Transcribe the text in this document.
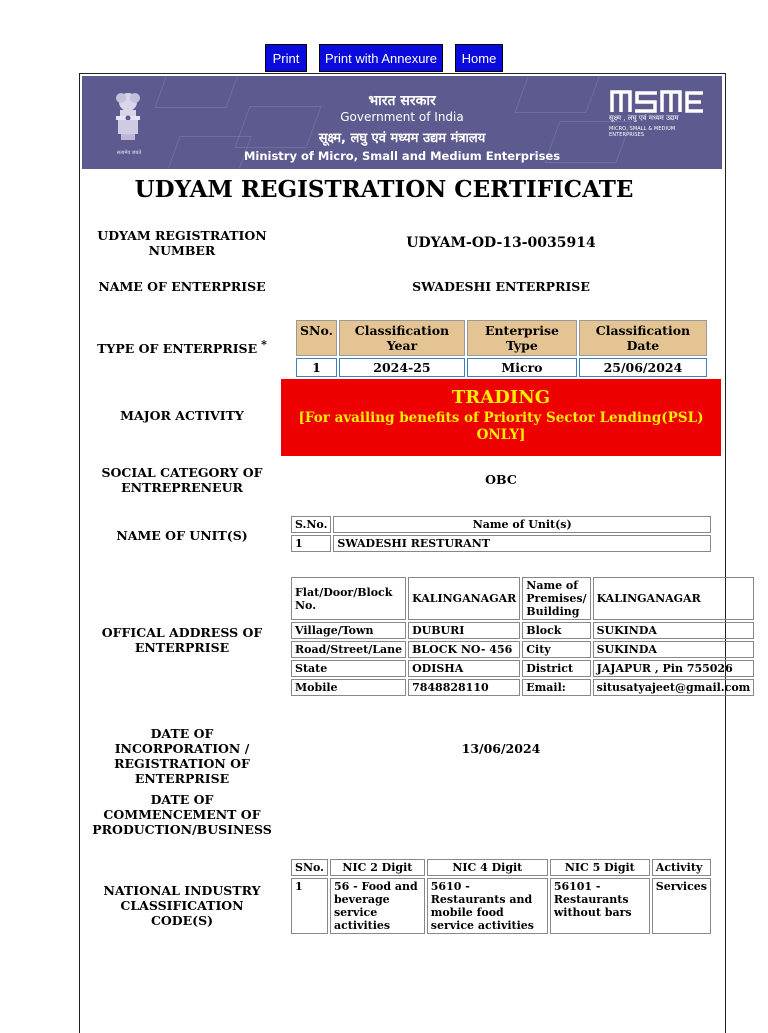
Print	Print with Annexure	Home
सत्यमेव जयते
भारत सरकार
Government of India
सूक्ष्म, लघु एवं मध्यम उद्यम मंत्रालय
Ministry of Micro, Small and Medium Enterprises
सूक्ष्म , लघु एवं मध्यम उद्यम
MICRO, SMALL & MEDIUM ENTERPRISES
UDYAM REGISTRATION CERTIFICATE
UDYAM REGISTRATION NUMBER	UDYAM-OD-13-0035914
NAME OF ENTERPRISE	SWADESHI ENTERPRISE
TYPE OF ENTERPRISE *
SNo.	Classification Year	Enterprise Type	Classification Date
1	2024-25	Micro	25/06/2024
MAJOR ACTIVITY
TRADING
[For availing benefits of Priority Sector Lending(PSL) ONLY]
SOCIAL CATEGORY OF ENTREPRENEUR
OBC
NAME OF UNIT(S)
S.No.	Name of Unit(s)
1	SWADESHI RESTURANT
OFFICAL ADDRESS OF ENTERPRISE
Flat/Door/Block No.	KALINGANAGAR	Name of Premises/ Building	KALINGANAGAR
Village/Town	DUBURI	Block	SUKINDA
Road/Street/Lane	BLOCK NO- 456	City	SUKINDA
State	ODISHA	District	JAJAPUR , Pin 755026
Mobile	7848828110	Email:	situsatyajeet@gmail.com
DATE OF INCORPORATION / REGISTRATION OF ENTERPRISE
13/06/2024
DATE OF COMMENCEMENT OF PRODUCTION/BUSINESS
NATIONAL INDUSTRY CLASSIFICATION CODE(S)
SNo.	NIC 2 Digit	NIC 4 Digit	NIC 5 Digit	Activity
1	56 - Food and beverage service activities	5610 - Restaurants and mobile food service activities	56101 - Restaurants without bars	Services
